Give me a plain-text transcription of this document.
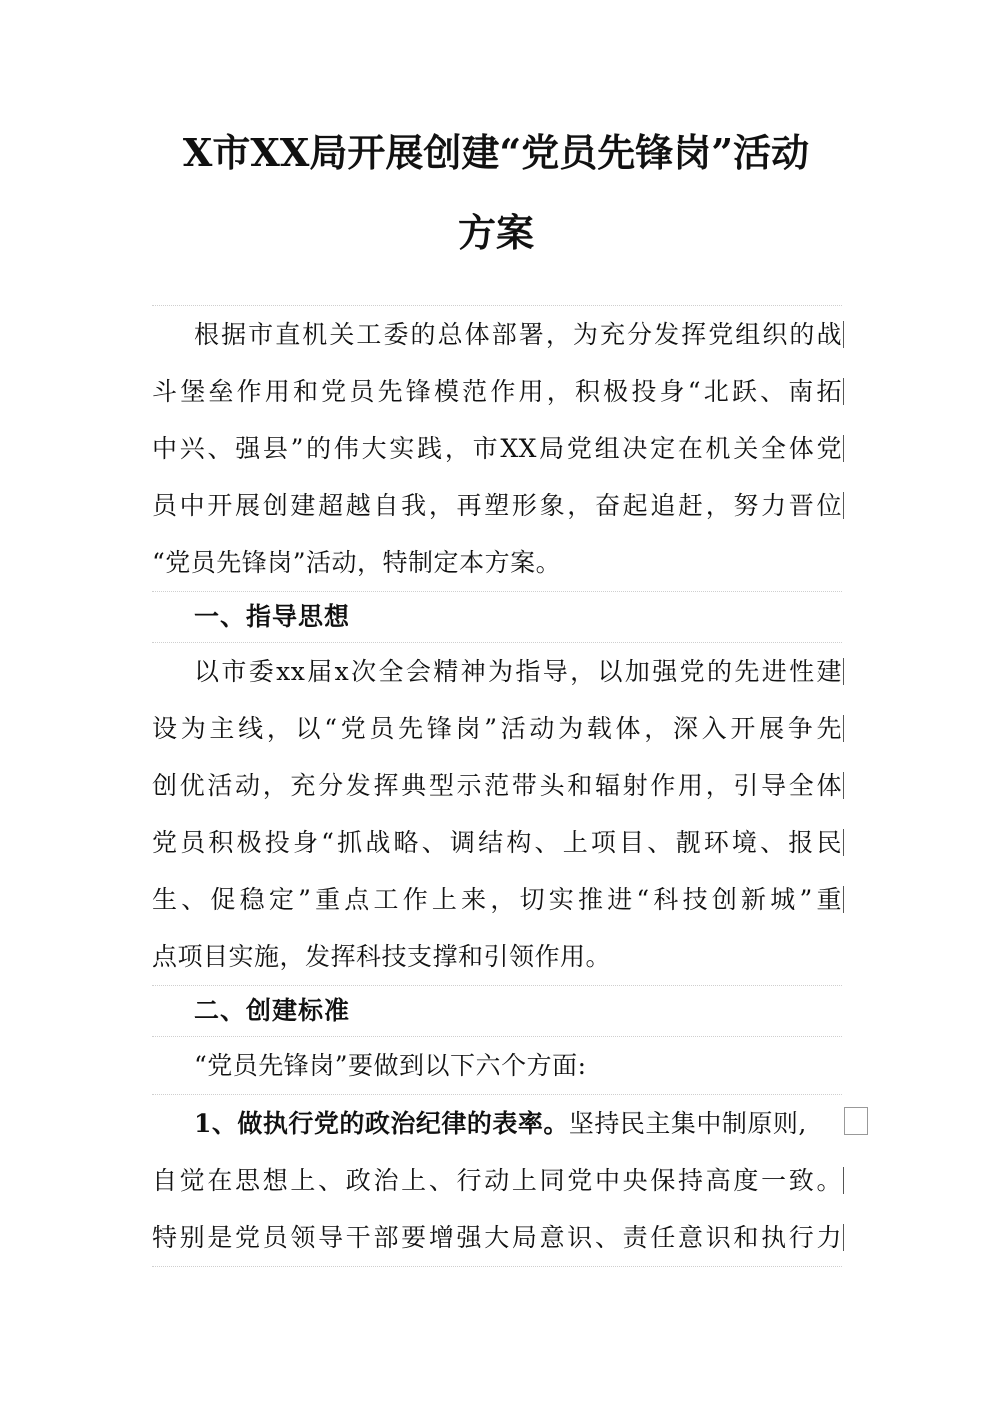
X市XX局开展创建“党员先锋岗”活动
方案
根据市直机关工委的总体部署，为充分发挥党组织的战
斗堡垒作用和党员先锋模范作用，积极投身“北跃、南拓
中兴、强县”的伟大实践，市XX局党组决定在机关全体党
员中开展创建超越自我，再塑形象，奋起追赶，努力晋位
“党员先锋岗”活动，特制定本方案。
一、指导思想
以市委xx届x次全会精神为指导，以加强党的先进性建
设为主线，以“党员先锋岗”活动为载体，深入开展争先
创优活动，充分发挥典型示范带头和辐射作用，引导全体
党员积极投身“抓战略、调结构、上项目、靓环境、报民
生、促稳定”重点工作上来，切实推进“科技创新城”重
点项目实施，发挥科技支撑和引领作用。
二、创建标准
“党员先锋岗”要做到以下六个方面:
1、做执行党的政治纪律的表率。坚持民主集中制原则,
自觉在思想上、政治上、行动上同党中央保持高度一致。
特别是党员领导干部要增强大局意识、责任意识和执行力
